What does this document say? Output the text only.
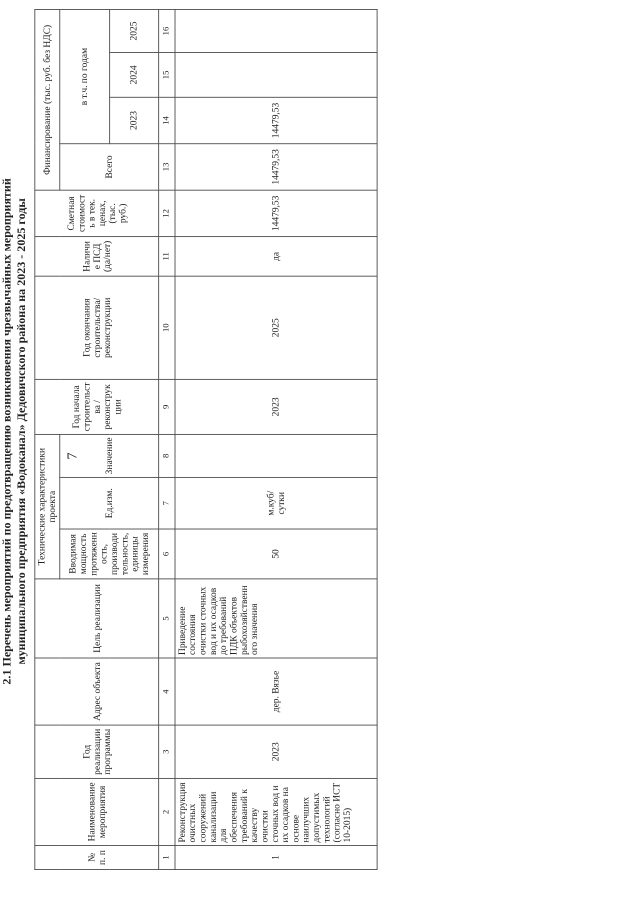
7
2.1 Перечень мероприятий по предотвращению возникновения чрезвычайных мероприятий муниципального предприятия «Водоканал» Дедовичского района на 2023 - 2025 годы
№ п. п	Наименование мероприятия	Год реализации программы	Адрес объекта	Цель реализации	Технические характеристики проекта			Год начала строительства /реконструкции	Год окончания строительства/реконструкции	Наличие ПСД (да/нет)	Сметная стоимость в тек. ценах, (тыс. руб.)	Финансирование (тыс. руб. без НДС)			
					Вводимая мощность протяженность, производительность, единицы измерения	Ед.изм.	Значение					Всего	в т.ч. по годам		
													2023	2024	2025
1	2	3	4	5	6	7	8	9	10	11	12	13	14	15	16
1	Реконструкция очистных сооружений канализации для обеспечения требований к качеству очистки сточных вод и их осадков на основе наилучших допустимых технологий (согласно ИСТ 10-2015)	2023	дер. Вязье	Приведение состояния очистки сточных вод и их осадков до требований ПДК объектов рыбохозяйственного значения	50	м.куб/сутки		2023	2025	да	14479,53	14479,53	14479,53		
